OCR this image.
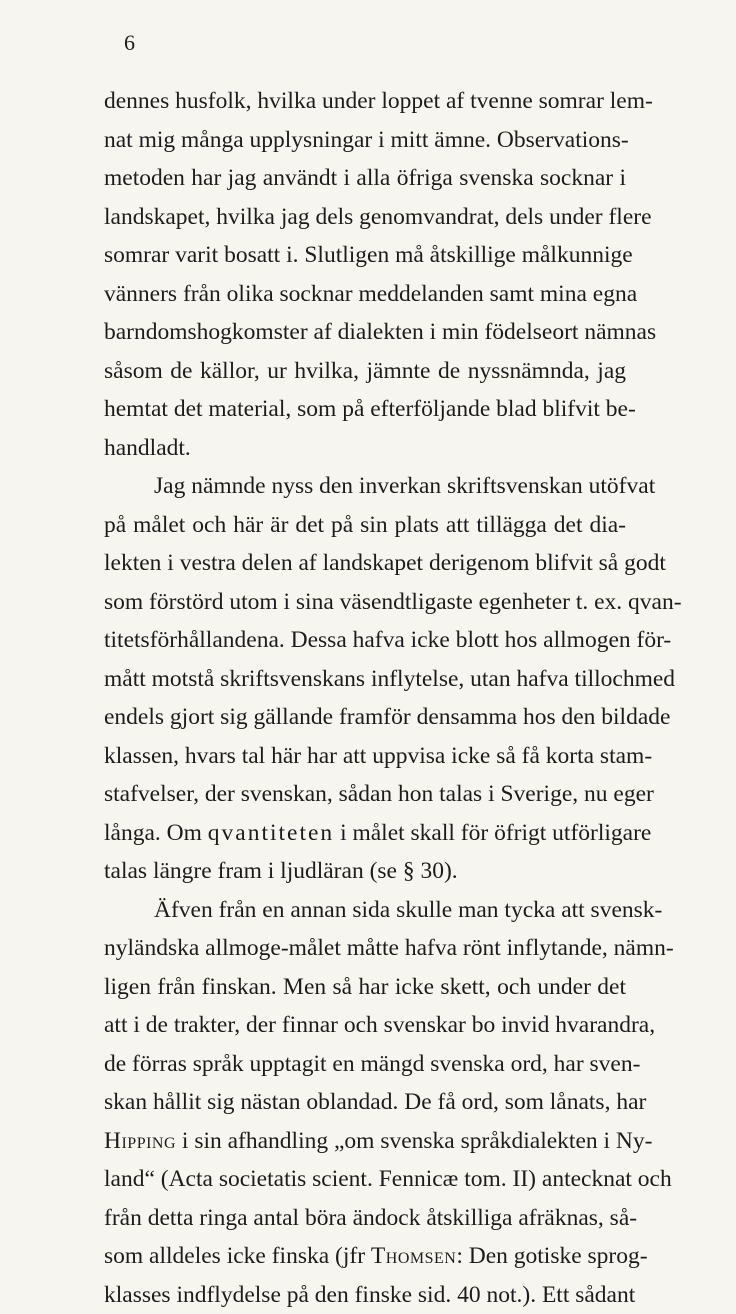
6
dennes husfolk, hvilka under loppet af tvenne somrar lem-
nat mig många upplysningar i mitt ämne. Observations-
metoden har jag användt i alla öfriga svenska socknar i
landskapet, hvilka jag dels genomvandrat, dels under flere
somrar varit bosatt i. Slutligen må åtskillige målkunnige
vänners från olika socknar meddelanden samt mina egna
barndomshogkomster af dialekten i min födelseort nämnas
såsom de källor, ur hvilka, jämnte de nyssnämnda, jag
hemtat det material, som på efterföljande blad blifvit be-
handladt.
Jag nämnde nyss den inverkan skriftsvenskan utöfvat
på målet och här är det på sin plats att tillägga det dia-
lekten i vestra delen af landskapet derigenom blifvit så godt
som förstörd utom i sina väsendtligaste egenheter t. ex. qvan-
titetsförhållandena. Dessa hafva icke blott hos allmogen för-
mått motstå skriftsvenskans inflytelse, utan hafva tillochmed
endels gjort sig gällande framför densamma hos den bildade
klassen, hvars tal här har att uppvisa icke så få korta stam-
stafvelser, der svenskan, sådan hon talas i Sverige, nu eger
långa. Om qvantiteten i målet skall för öfrigt utförligare
talas längre fram i ljudläran (se § 30).
Äfven från en annan sida skulle man tycka att svensk-
nyländska allmoge-målet måtte hafva rönt inflytande, nämn-
ligen från finskan. Men så har icke skett, och under det
att i de trakter, der finnar och svenskar bo invid hvarandra,
de förras språk upptagit en mängd svenska ord, har sven-
skan hållit sig nästan oblandad. De få ord, som lånats, har
Hipping i sin afhandling „om svenska språkdialekten i Ny-
land“ (Acta societatis scient. Fennicæ tom. II) antecknat och
från detta ringa antal böra ändock åtskilliga afräknas, så-
som alldeles icke finska (jfr Thomsen: Den gotiske sprog-
klasses indflydelse på den finske sid. 40 not.). Ett sådant
